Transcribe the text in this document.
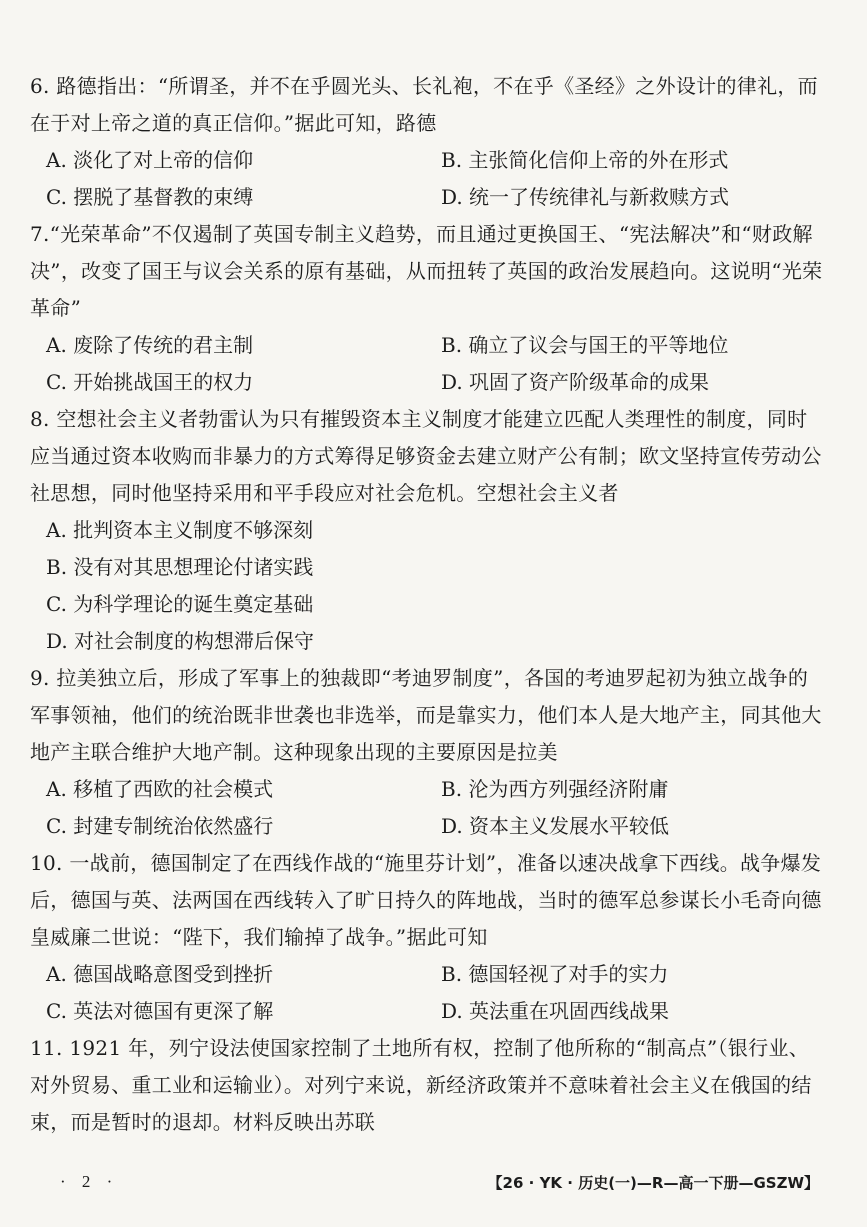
6. 路德指出：“所谓圣，并不在乎圆光头、长礼袍，不在乎《圣经》之外设计的律礼，而在于对上帝之道的真正信仰。”据此可知，路德
A. 淡化了对上帝的信仰	B. 主张简化信仰上帝的外在形式
C. 摆脱了基督教的束缚	D. 统一了传统律礼与新救赎方式
7.“光荣革命”不仅遏制了英国专制主义趋势，而且通过更换国王、“宪法解决”和“财政解决”，改变了国王与议会关系的原有基础，从而扭转了英国的政治发展趋向。这说明“光荣革命”
A. 废除了传统的君主制	B. 确立了议会与国王的平等地位
C. 开始挑战国王的权力	D. 巩固了资产阶级革命的成果
8. 空想社会主义者勃雷认为只有摧毁资本主义制度才能建立匹配人类理性的制度，同时应当通过资本收购而非暴力的方式筹得足够资金去建立财产公有制；欧文坚持宣传劳动公社思想，同时他坚持采用和平手段应对社会危机。空想社会主义者
A. 批判资本主义制度不够深刻
B. 没有对其思想理论付诸实践
C. 为科学理论的诞生奠定基础
D. 对社会制度的构想滞后保守
9. 拉美独立后，形成了军事上的独裁即“考迪罗制度”，各国的考迪罗起初为独立战争的军事领袖，他们的统治既非世袭也非选举，而是靠实力，他们本人是大地产主，同其他大地产主联合维护大地产制。这种现象出现的主要原因是拉美
A. 移植了西欧的社会模式	B. 沦为西方列强经济附庸
C. 封建专制统治依然盛行	D. 资本主义发展水平较低
10. 一战前，德国制定了在西线作战的“施里芬计划”，准备以速决战拿下西线。战争爆发后，德国与英、法两国在西线转入了旷日持久的阵地战，当时的德军总参谋长小毛奇向德皇威廉二世说：“陛下，我们输掉了战争。”据此可知
A. 德国战略意图受到挫折	B. 德国轻视了对手的实力
C. 英法对德国有更深了解	D. 英法重在巩固西线战果
11. 1921 年，列宁设法使国家控制了土地所有权，控制了他所称的“制高点”（银行业、对外贸易、重工业和运输业）。对列宁来说，新经济政策并不意味着社会主义在俄国的结束，而是暂时的退却。材料反映出苏联
· 2 ·	【26 · YK · 历史(一)—R—高一下册—GSZW】
